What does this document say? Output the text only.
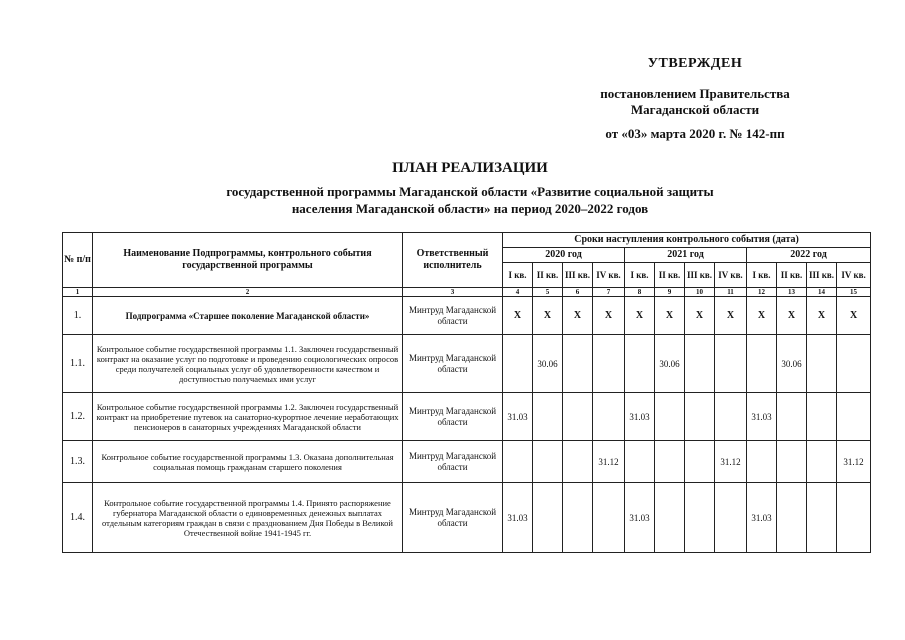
УТВЕРЖДЕН
постановлением Правительства
Магаданской области
от «03» марта 2020 г. № 142-пп
ПЛАН РЕАЛИЗАЦИИ
государственной программы Магаданской области «Развитие социальной защиты
населения Магаданской области» на период 2020–2022 годов
№ п/п	Наименование Подпрограммы, контрольного события государственной программы	Ответственный исполнитель	Сроки наступления контрольного события (дата)											
			2020 год				2021 год				2022 год			
			I кв.	II кв.	III кв.	IV кв.	I кв.	II кв.	III кв.	IV кв.	I кв.	II кв.	III кв.	IV кв.
1	2	3	4	5	6	7	8	9	10	11	12	13	14	15
1.	Подпрограмма «Старшее поколение Магаданской области»	Минтруд Магаданской области	Х	Х	Х	Х	Х	Х	Х	Х	Х	Х	Х	Х
1.1.	Контрольное событие государственной программы 1.1. Заключен государственный контракт на оказание услуг по подготовке и проведению социологических опросов среди получателей социальных услуг об удовлетворенности качеством и доступностью получаемых ими услуг	Минтруд Магаданской области		30.06				30.06				30.06		
1.2.	Контрольное событие государственной программы 1.2. Заключен государственный контракт на приобретение путевок на санаторно-курортное лечение неработающих пенсионеров в санаторных учреждениях Магаданской области	Минтруд Магаданской области	31.03				31.03				31.03			
1.3.	Контрольное событие государственной программы 1.3. Оказана дополнительная социальная помощь гражданам старшего поколения	Минтруд Магаданской области				31.12				31.12				31.12
1.4.	Контрольное событие государственной программы 1.4. Принято распоряжение губернатора Магаданской области о единовременных денежных выплатах отдельным категориям граждан в связи с празднованием Дня Победы в Великой Отечественной войне 1941-1945 гг.	Минтруд Магаданской области	31.03				31.03				31.03			
